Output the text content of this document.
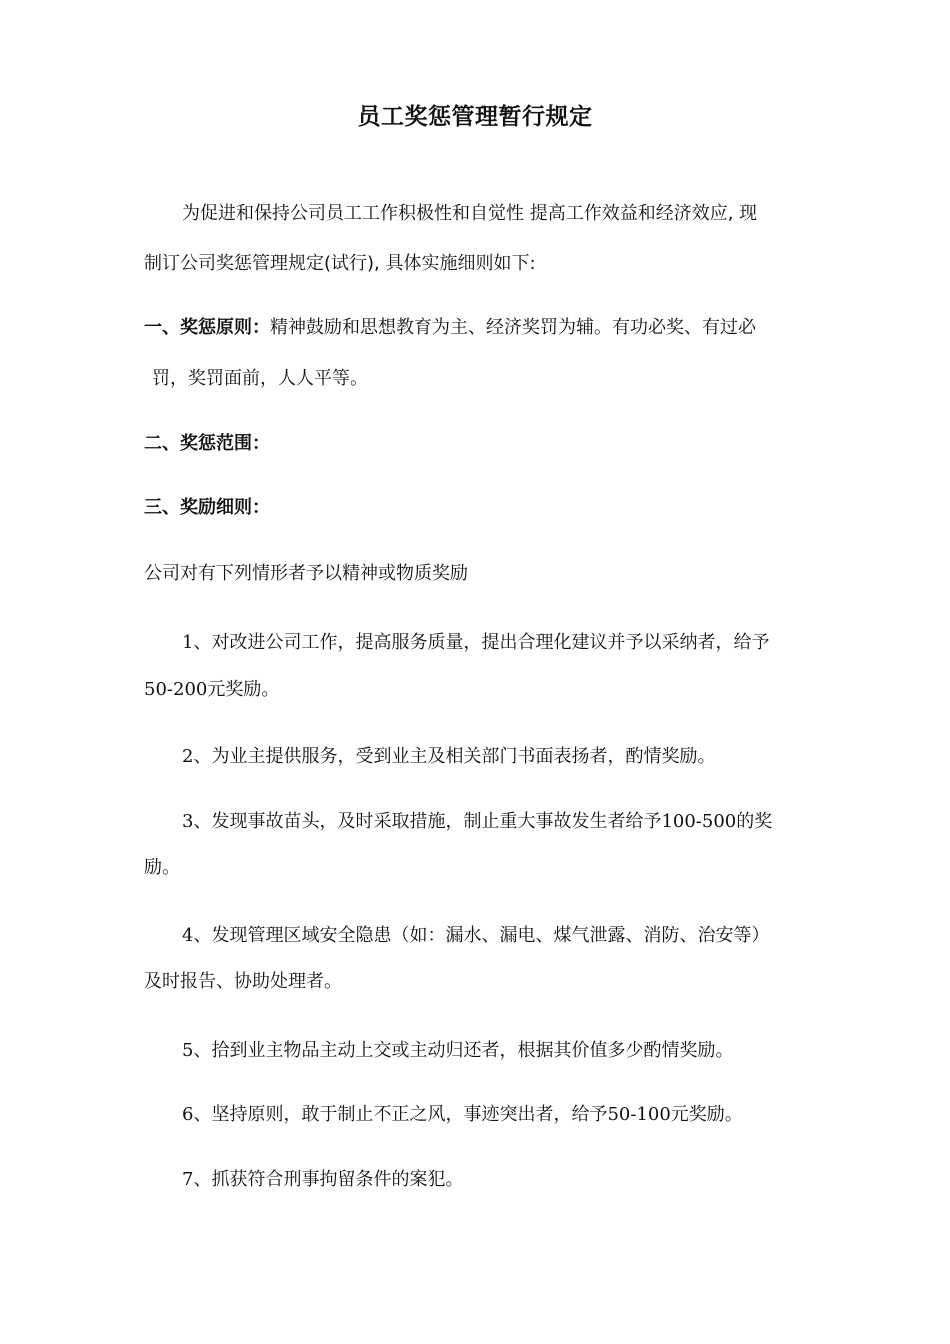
员工奖惩管理暂行规定

为促进和保持公司员工工作积极性和自觉性 提高工作效益和经济效应, 现

制订公司奖惩管理规定(试行), 具体实施细则如下:

一、奖惩原则：精神鼓励和思想教育为主、经济奖罚为辅。有功必奖、有过必

罚，奖罚面前，人人平等。

二、奖惩范围：

三、奖励细则：

公司对有下列情形者予以精神或物质奖励

1、对改进公司工作，提高服务质量，提出合理化建议并予以采纳者，给予

50-200元奖励。

2、为业主提供服务，受到业主及相关部门书面表扬者，酌情奖励。

3、发现事故苗头，及时采取措施，制止重大事故发生者给予100-500的奖

励。

4、发现管理区域安全隐患（如：漏水、漏电、煤气泄露、消防、治安等）

及时报告、协助处理者。

5、拾到业主物品主动上交或主动归还者，根据其价值多少酌情奖励。

6、坚持原则，敢于制止不正之风，事迹突出者，给予50-100元奖励。

7、抓获符合刑事拘留条件的案犯。
